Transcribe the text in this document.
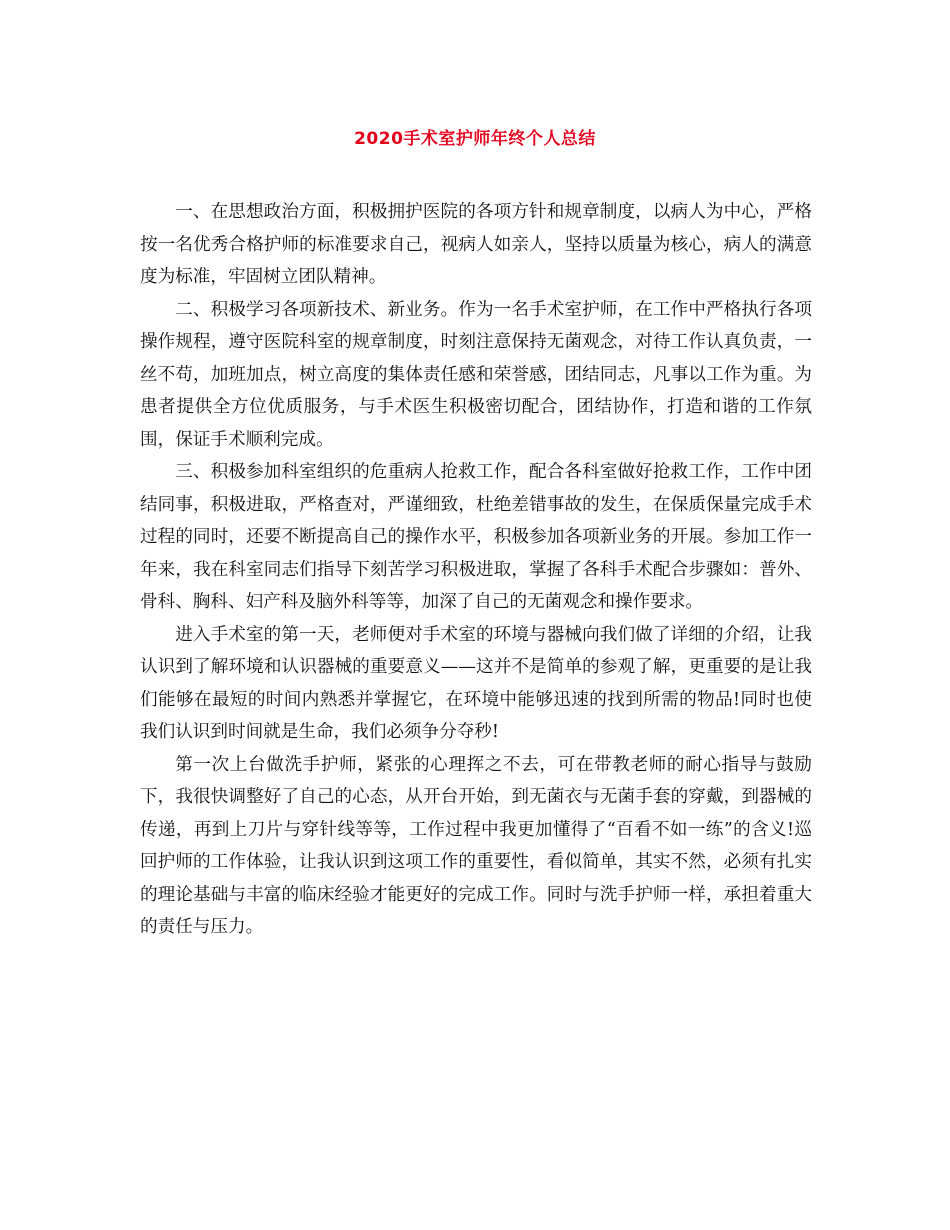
2020手术室护师年终个人总结

一、在思想政治方面，积极拥护医院的各项方针和规章制度，以病人为中心，严格按一名优秀合格护师的标准要求自己，视病人如亲人，坚持以质量为核心，病人的满意度为标准，牢固树立团队精神。

二、积极学习各项新技术、新业务。作为一名手术室护师，在工作中严格执行各项操作规程，遵守医院科室的规章制度，时刻注意保持无菌观念，对待工作认真负责，一丝不苟，加班加点，树立高度的集体责任感和荣誉感，团结同志，凡事以工作为重。为患者提供全方位优质服务，与手术医生积极密切配合，团结协作，打造和谐的工作氛围，保证手术顺利完成。

三、积极参加科室组织的危重病人抢救工作，配合各科室做好抢救工作，工作中团结同事，积极进取，严格查对，严谨细致，杜绝差错事故的发生，在保质保量完成手术过程的同时，还要不断提高自己的操作水平，积极参加各项新业务的开展。参加工作一年来，我在科室同志们指导下刻苦学习积极进取，掌握了各科手术配合步骤如：普外、骨科、胸科、妇产科及脑外科等等，加深了自己的无菌观念和操作要求。

进入手术室的第一天，老师便对手术室的环境与器械向我们做了详细的介绍，让我认识到了解环境和认识器械的重要意义——这并不是简单的参观了解，更重要的是让我们能够在最短的时间内熟悉并掌握它，在环境中能够迅速的找到所需的物品!同时也使我们认识到时间就是生命，我们必须争分夺秒!

第一次上台做洗手护师，紧张的心理挥之不去，可在带教老师的耐心指导与鼓励下，我很快调整好了自己的心态，从开台开始，到无菌衣与无菌手套的穿戴，到器械的传递，再到上刀片与穿针线等等，工作过程中我更加懂得了“百看不如一练”的含义!巡回护师的工作体验，让我认识到这项工作的重要性，看似简单，其实不然，必须有扎实的理论基础与丰富的临床经验才能更好的完成工作。同时与洗手护师一样，承担着重大的责任与压力。
